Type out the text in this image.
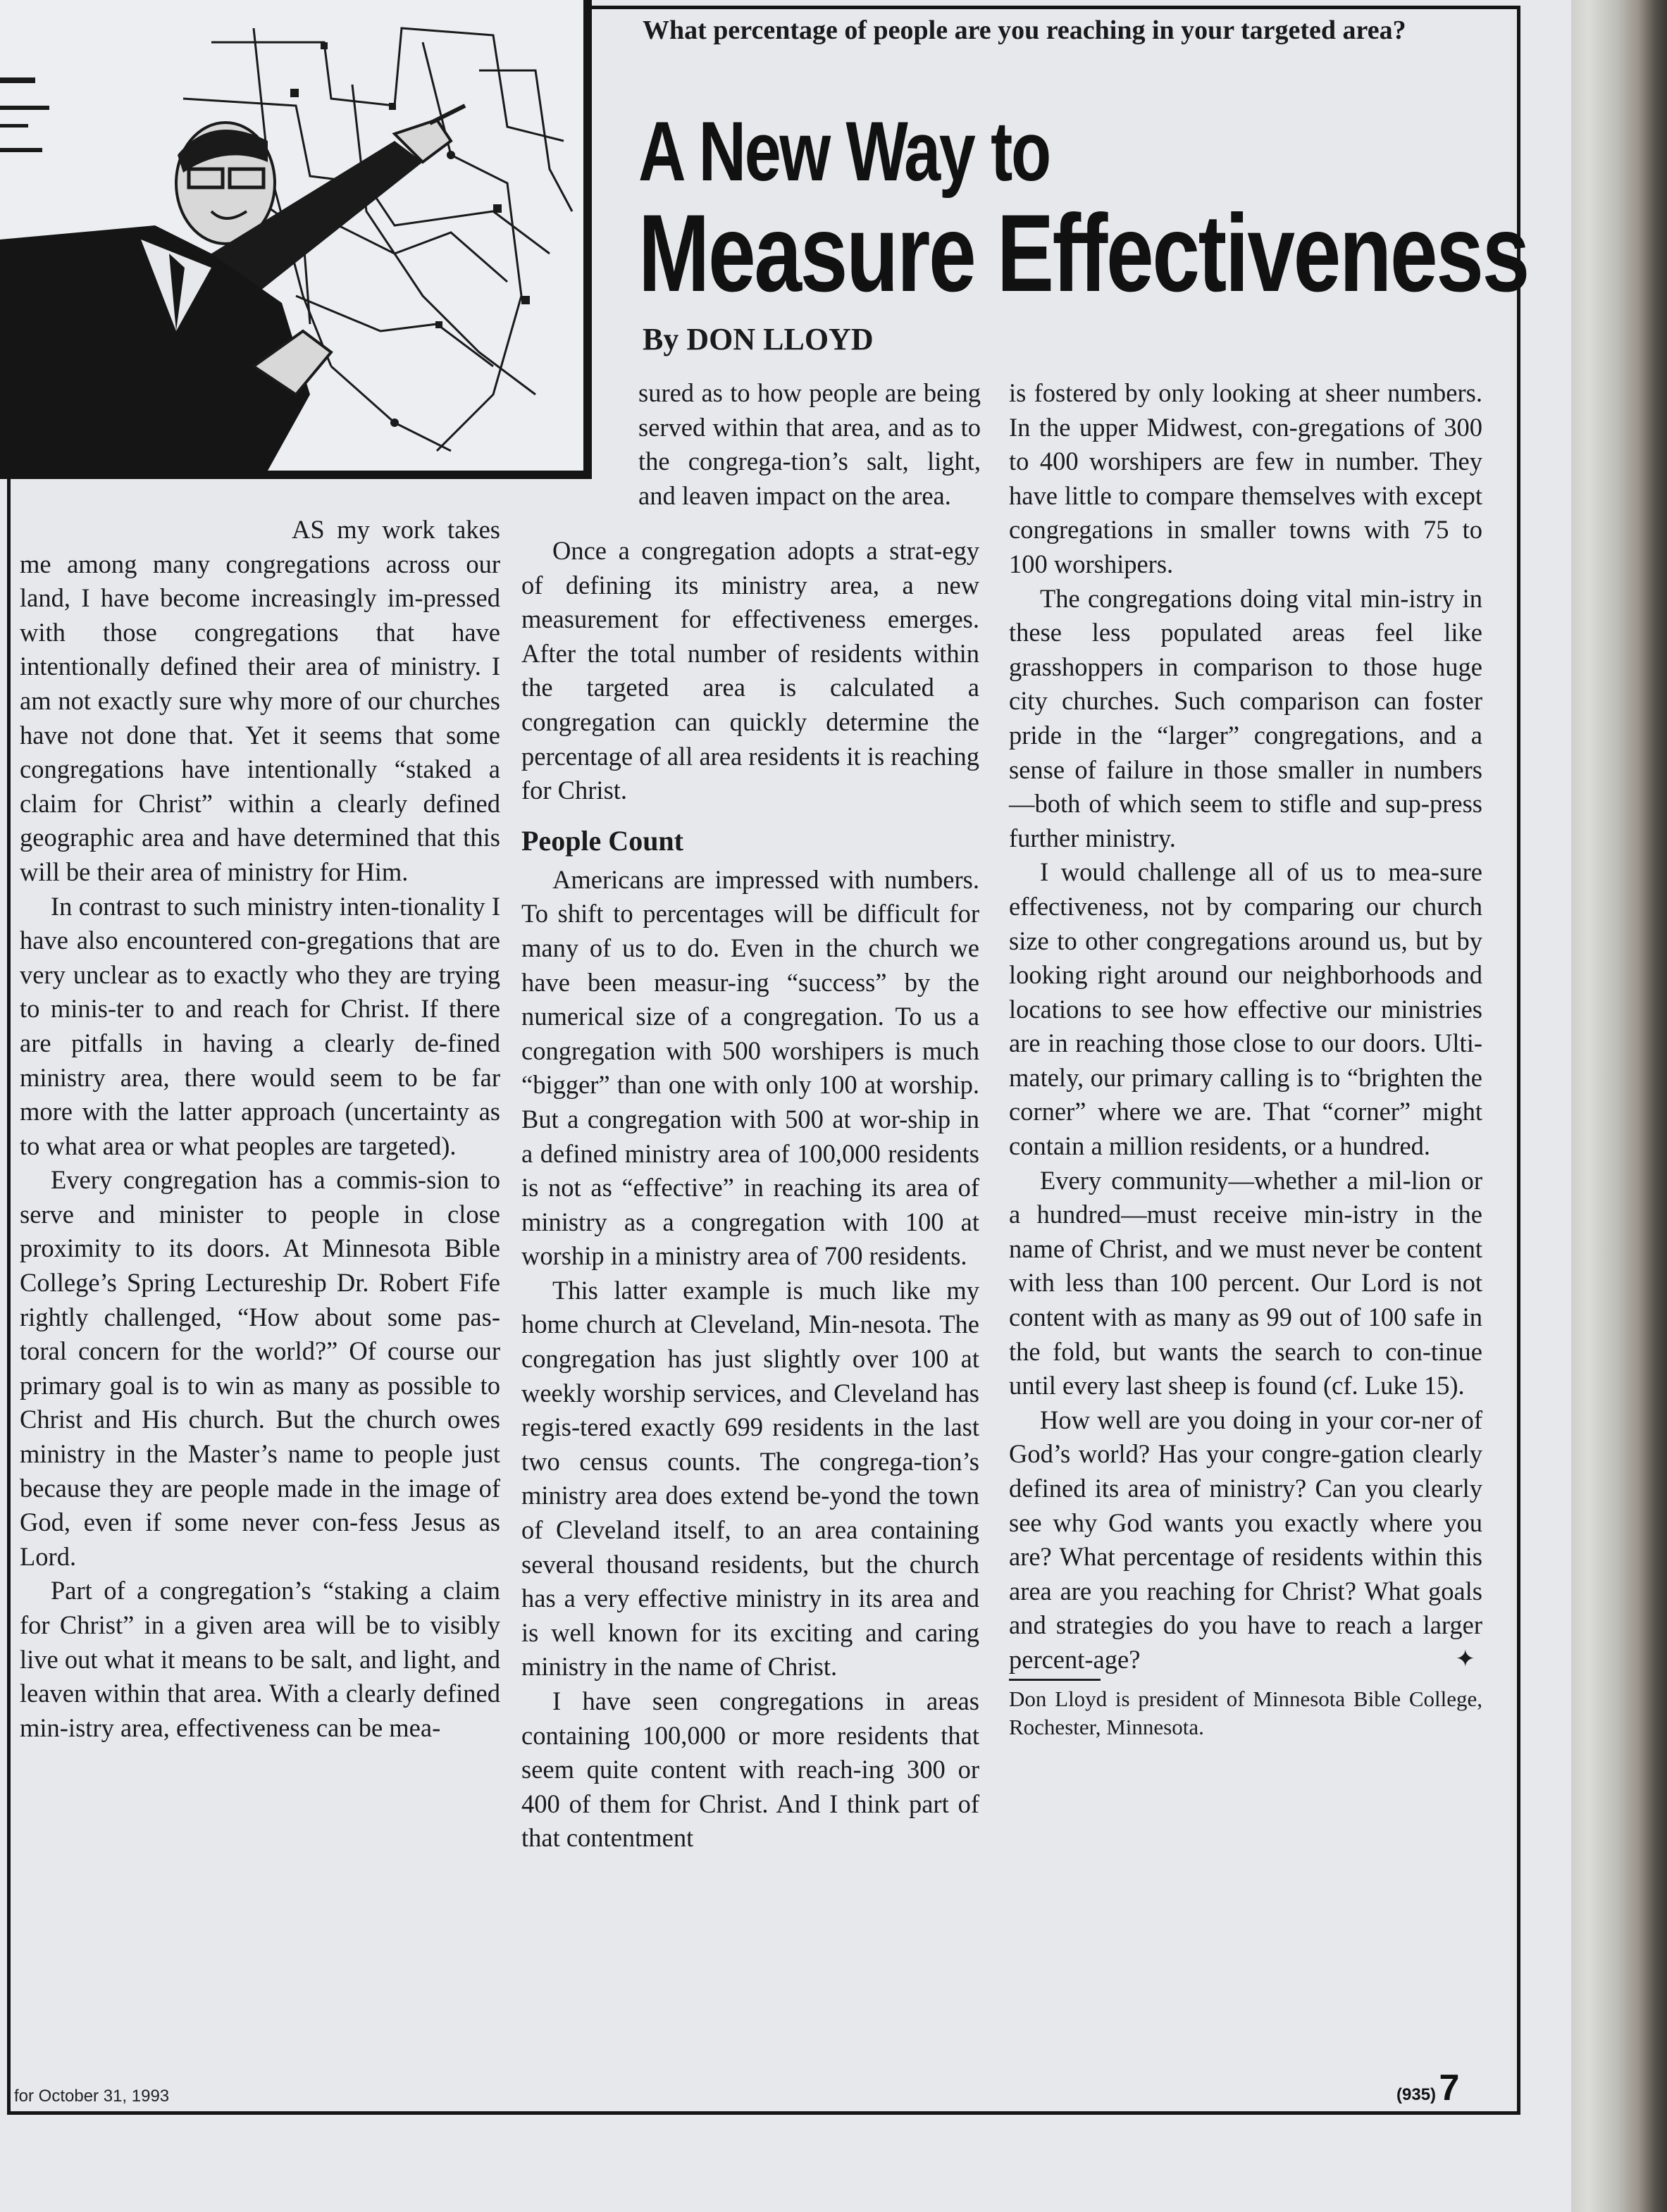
What percentage of people are you reaching in your targeted area?
A New Way to
Measure Effectiveness
By DON LLOYD

sured as to how people are being served within that area, and as to the congrega-tion’s salt, light, and leaven impact on the area.

AS my work takes me among many congregations across our land, I have become increasingly im-pressed with those congregations that have intentionally defined their area of ministry. I am not exactly sure why more of our churches have not done that. Yet it seems that some congregations have intentionally “staked a claim for Christ” within a clearly defined geographic area and have determined that this will be their area of ministry for Him.

In contrast to such ministry inten-tionality I have also encountered con-gregations that are very unclear as to exactly who they are trying to minis-ter to and reach for Christ. If there are pitfalls in having a clearly de-fined ministry area, there would seem to be far more with the latter approach (uncertainty as to what area or what peoples are targeted).

Every congregation has a commis-sion to serve and minister to people in close proximity to its doors. At Minnesota Bible College’s Spring Lectureship Dr. Robert Fife rightly challenged, “How about some pas-toral concern for the world?” Of course our primary goal is to win as many as possible to Christ and His church. But the church owes ministry in the Master’s name to people just because they are people made in the image of God, even if some never con-fess Jesus as Lord.

Part of a congregation’s “staking a claim for Christ” in a given area will be to visibly live out what it means to be salt, and light, and leaven within that area. With a clearly defined min-istry area, effectiveness can be mea-

Once a congregation adopts a strat-egy of defining its ministry area, a new measurement for effectiveness emerges. After the total number of residents within the targeted area is calculated a congregation can quickly determine the percentage of all area residents it is reaching for Christ.

People Count

Americans are impressed with numbers. To shift to percentages will be difficult for many of us to do. Even in the church we have been measur-ing “success” by the numerical size of a congregation. To us a congregation with 500 worshipers is much “bigger” than one with only 100 at worship. But a congregation with 500 at wor-ship in a defined ministry area of 100,000 residents is not as “effective” in reaching its area of ministry as a congregation with 100 at worship in a ministry area of 700 residents.

This latter example is much like my home church at Cleveland, Min-nesota. The congregation has just slightly over 100 at weekly worship services, and Cleveland has regis-tered exactly 699 residents in the last two census counts. The congrega-tion’s ministry area does extend be-yond the town of Cleveland itself, to an area containing several thousand residents, but the church has a very effective ministry in its area and is well known for its exciting and caring ministry in the name of Christ.

I have seen congregations in areas containing 100,000 or more residents that seem quite content with reach-ing 300 or 400 of them for Christ. And I think part of that contentment

is fostered by only looking at sheer numbers. In the upper Midwest, con-gregations of 300 to 400 worshipers are few in number. They have little to compare themselves with except congregations in smaller towns with 75 to 100 worshipers.

The congregations doing vital min-istry in these less populated areas feel like grasshoppers in comparison to those huge city churches. Such comparison can foster pride in the “larger” congregations, and a sense of failure in those smaller in numbers—both of which seem to stifle and sup-press further ministry.

I would challenge all of us to mea-sure effectiveness, not by comparing our church size to other congregations around us, but by looking right around our neighborhoods and locations to see how effective our ministries are in reaching those close to our doors. Ulti-mately, our primary calling is to “brighten the corner” where we are. That “corner” might contain a million residents, or a hundred.

Every community—whether a mil-lion or a hundred—must receive min-istry in the name of Christ, and we must never be content with less than 100 percent. Our Lord is not content with as many as 99 out of 100 safe in the fold, but wants the search to con-tinue until every last sheep is found (cf. Luke 15).

How well are you doing in your cor-ner of God’s world? Has your congre-gation clearly defined its area of ministry? Can you clearly see why God wants you exactly where you are? What percentage of residents within this area are you reaching for Christ? What goals and strategies do you have to reach a larger percent-age?	✦

Don Lloyd is president of Minnesota Bible College, Rochester, Minnesota.

for October 31, 1993	(935) 7
